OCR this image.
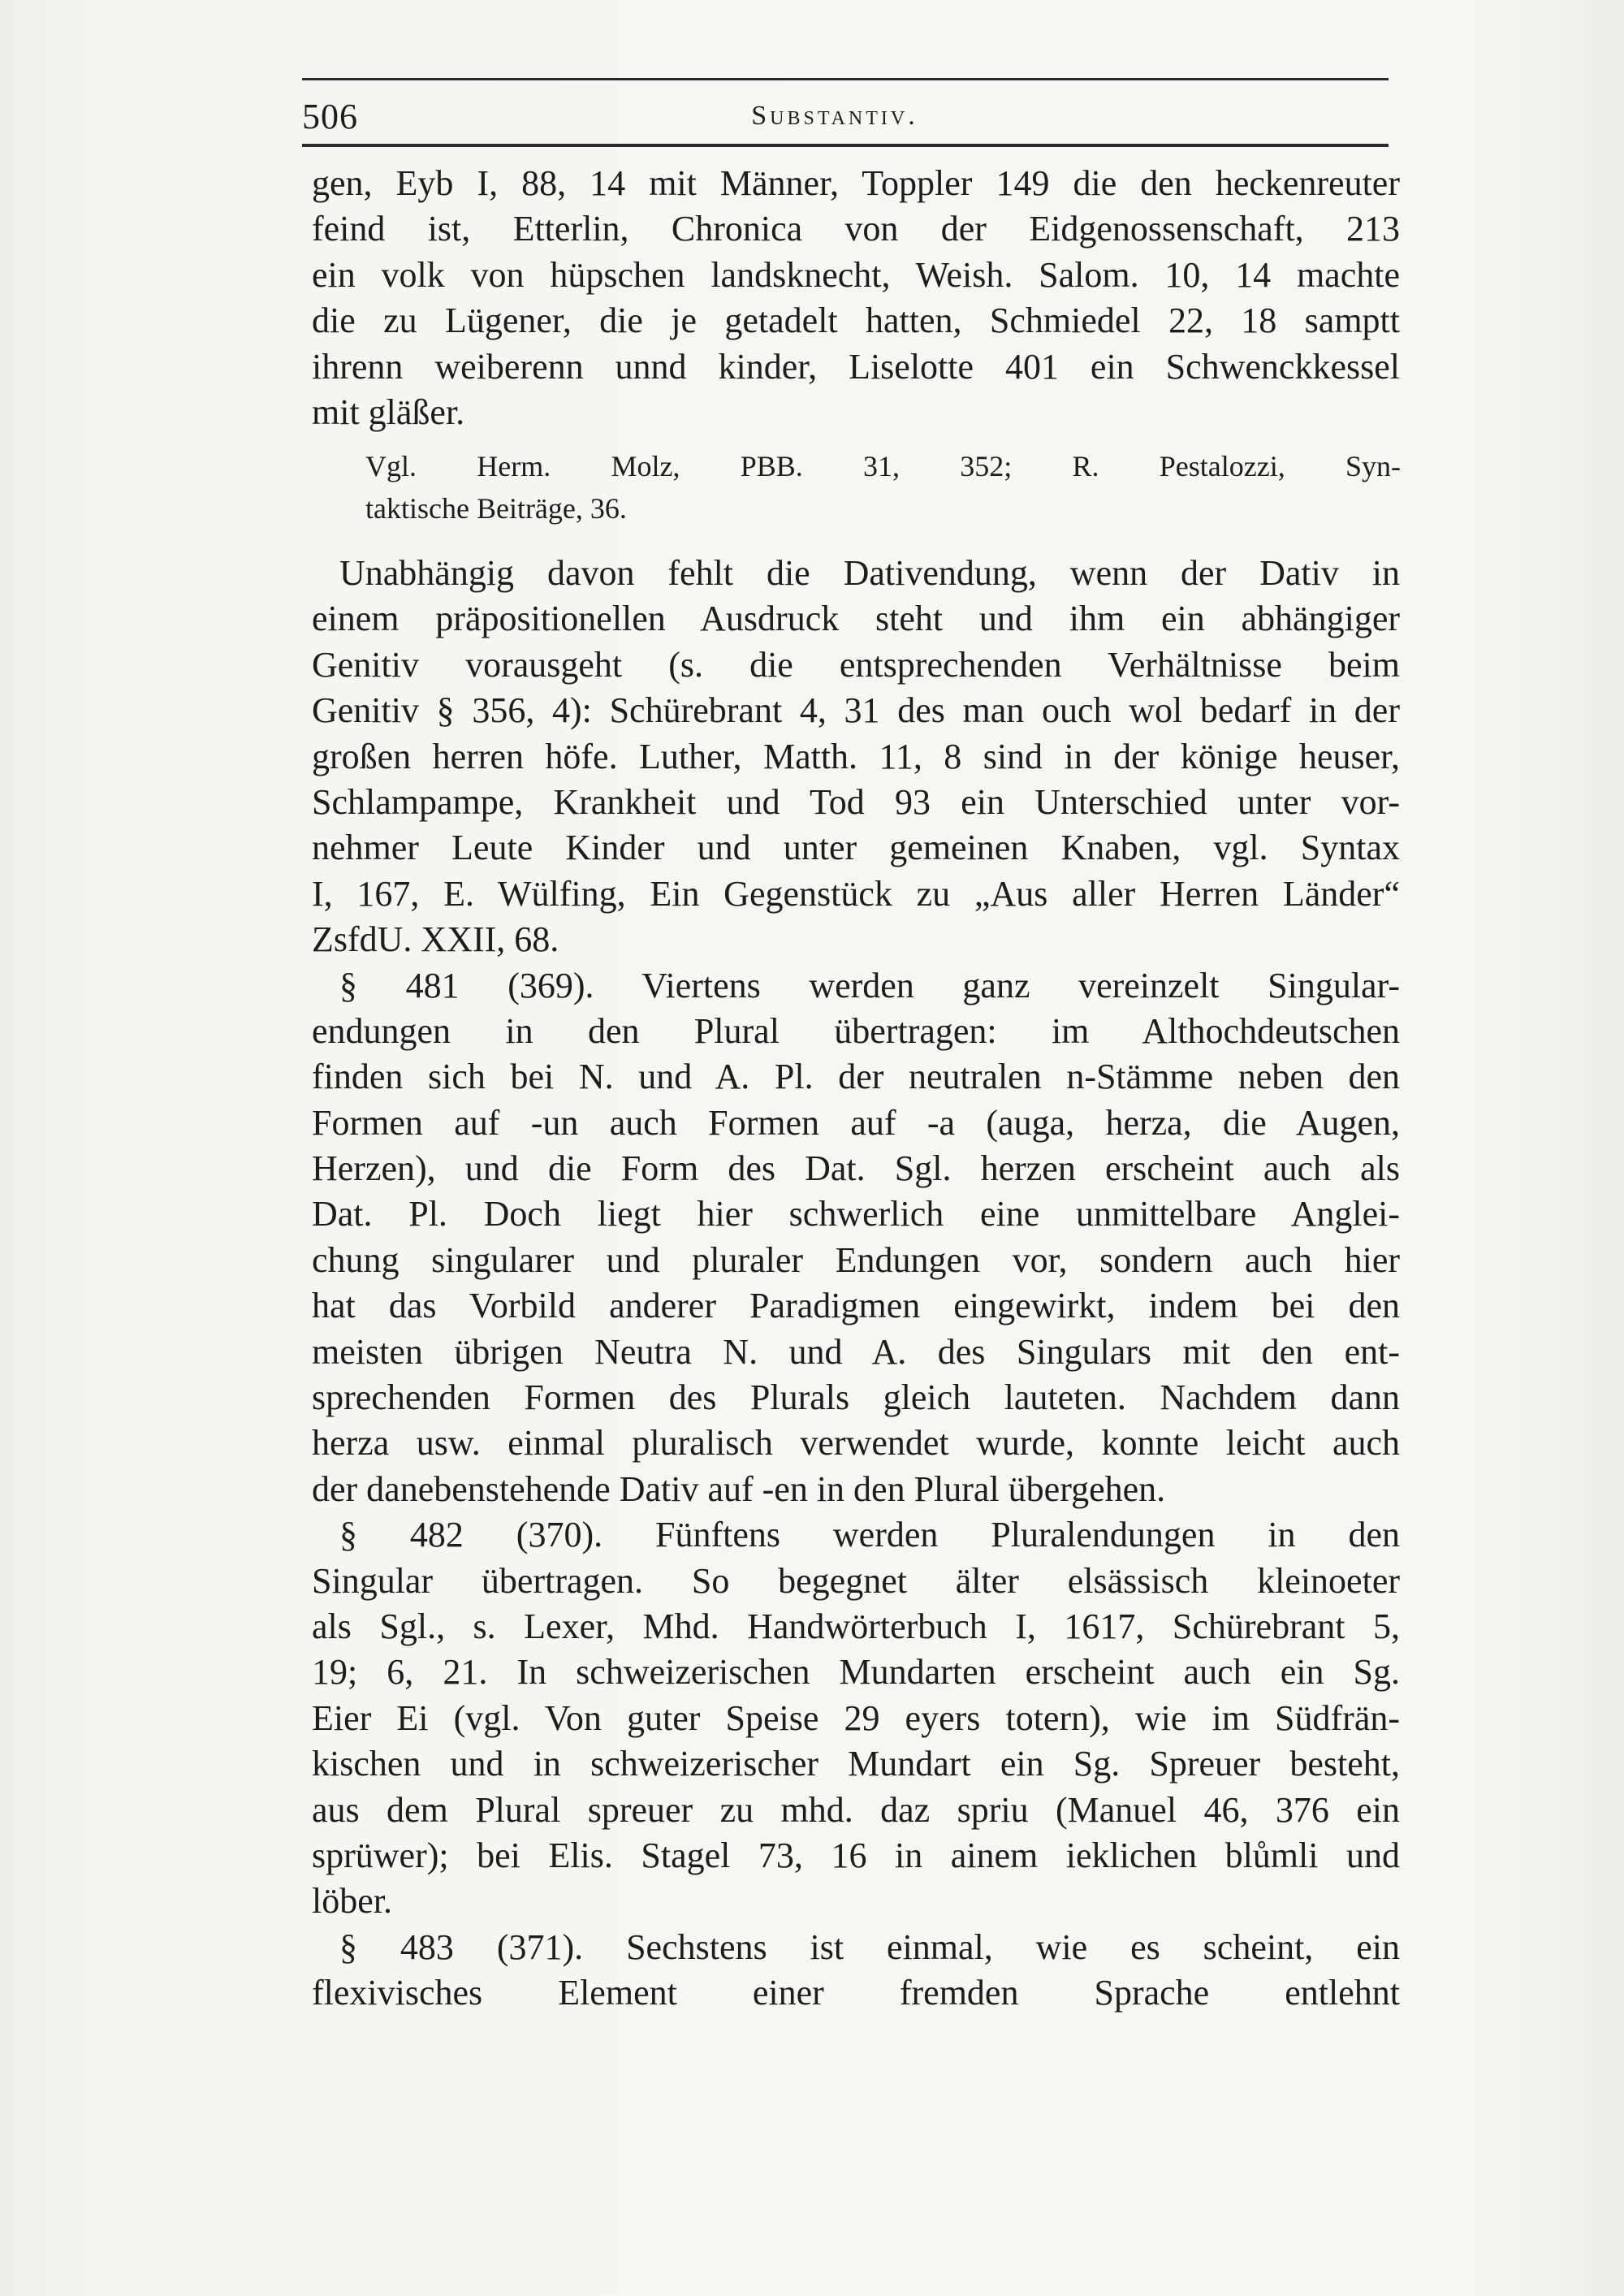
506	Substantiv.
gen, Eyb I, 88, 14 mit Männer, Toppler 149 die den heckenreuter
feind ist, Etterlin, Chronica von der Eidgenossenschaft, 213
ein volk von hüpschen landsknecht, Weish. Salom. 10, 14 machte
die zu Lügener, die je getadelt hatten, Schmiedel 22, 18 samptt
ihrenn weiberenn unnd kinder, Liselotte 401 ein Schwenckkessel
mit gläßer.
Vgl. Herm. Molz, PBB. 31, 352; R. Pestalozzi, Syn-
taktische Beiträge, 36.
Unabhängig davon fehlt die Dativendung, wenn der Dativ in
einem präpositionellen Ausdruck steht und ihm ein abhängiger
Genitiv vorausgeht (s. die entsprechenden Verhältnisse beim
Genitiv § 356, 4): Schürebrant 4, 31 des man ouch wol bedarf in der
großen herren höfe. Luther, Matth. 11, 8 sind in der könige heuser,
Schlampampe, Krankheit und Tod 93 ein Unterschied unter vor-
nehmer Leute Kinder und unter gemeinen Knaben, vgl. Syntax
I, 167, E. Wülfing, Ein Gegenstück zu „Aus aller Herren Länder“
ZsfdU. XXII, 68.
§ 481 (369). Viertens werden ganz vereinzelt Singular-
endungen in den Plural übertragen: im Althochdeutschen
finden sich bei N. und A. Pl. der neutralen n-Stämme neben den
Formen auf -un auch Formen auf -a (auga, herza, die Augen,
Herzen), und die Form des Dat. Sgl. herzen erscheint auch als
Dat. Pl. Doch liegt hier schwerlich eine unmittelbare Anglei-
chung singularer und pluraler Endungen vor, sondern auch hier
hat das Vorbild anderer Paradigmen eingewirkt, indem bei den
meisten übrigen Neutra N. und A. des Singulars mit den ent-
sprechenden Formen des Plurals gleich lauteten. Nachdem dann
herza usw. einmal pluralisch verwendet wurde, konnte leicht auch
der danebenstehende Dativ auf -en in den Plural übergehen.
§ 482 (370). Fünftens werden Pluralendungen in den
Singular übertragen. So begegnet älter elsässisch kleinoeter
als Sgl., s. Lexer, Mhd. Handwörterbuch I, 1617, Schürebrant 5,
19; 6, 21. In schweizerischen Mundarten erscheint auch ein Sg.
Eier Ei (vgl. Von guter Speise 29 eyers totern), wie im Südfrän-
kischen und in schweizerischer Mundart ein Sg. Spreuer besteht,
aus dem Plural spreuer zu mhd. daz spriu (Manuel 46, 376 ein
sprüwer); bei Elis. Stagel 73, 16 in ainem ieklichen blůmli und
löber.
§ 483 (371). Sechstens ist einmal, wie es scheint, ein
flexivisches Element einer fremden Sprache entlehnt
